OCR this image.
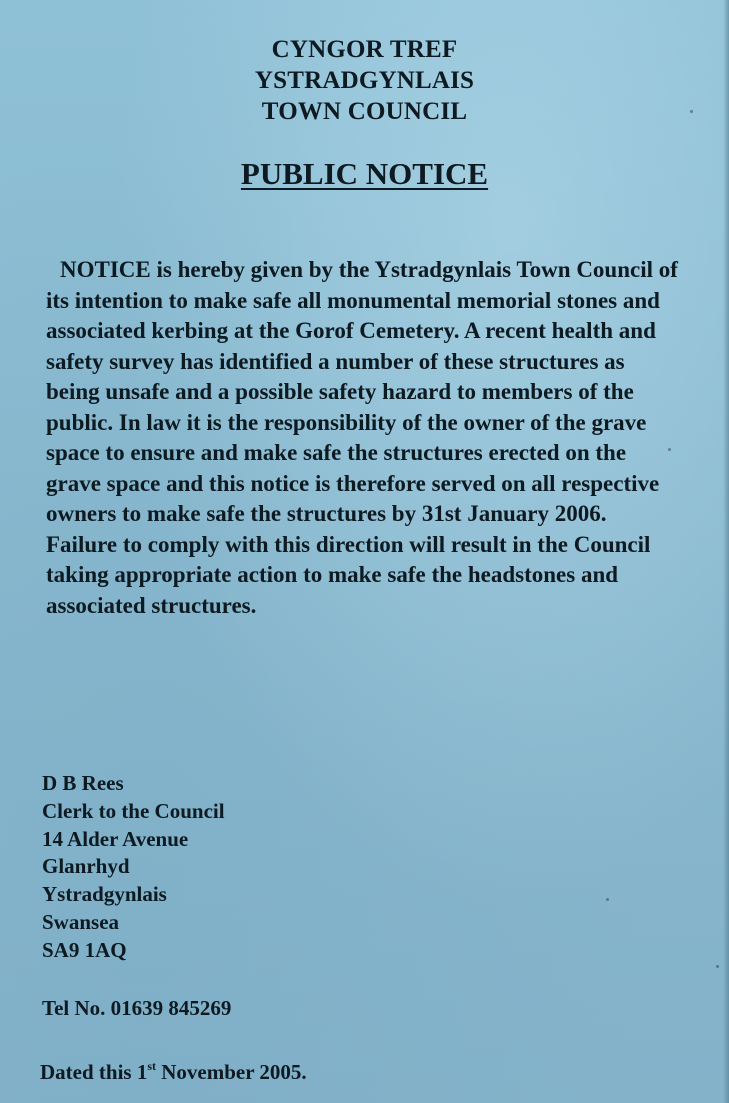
CYNGOR TREF
YSTRADGYNLAIS
TOWN COUNCIL
PUBLIC NOTICE

NOTICE is hereby given by the Ystradgynlais Town Council of its intention to make safe all monumental memorial stones and associated kerbing at the Gorof Cemetery. A recent health and safety survey has identified a number of these structures as being unsafe and a possible safety hazard to members of the public. In law it is the responsibility of the owner of the grave space to ensure and make safe the structures erected on the grave space and this notice is therefore served on all respective owners to make safe the structures by 31st January 2006. Failure to comply with this direction will result in the Council taking appropriate action to make safe the headstones and associated structures.

D B Rees
Clerk to the Council
14 Alder Avenue
Glanrhyd
Ystradgynlais
Swansea
SA9 1AQ
Tel No. 01639 845269
Dated this 1st November 2005.
